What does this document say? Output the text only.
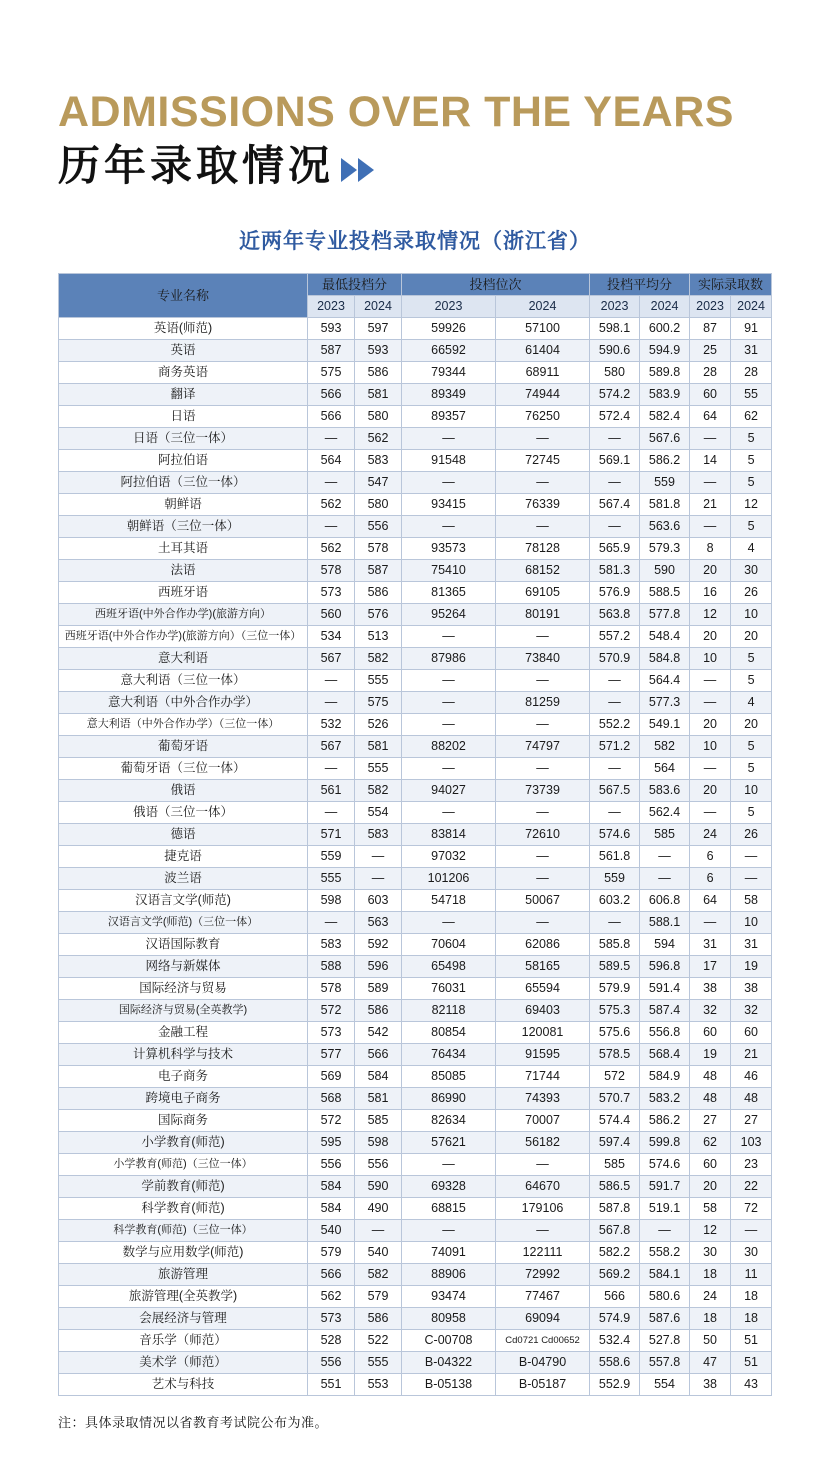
ADMISSIONS OVER THE YEARS
历年录取情况
近两年专业投档录取情况（浙江省）
专业名称	最低投档分		投档位次		投档平均分		实际录取数	
	2023	2024	2023	2024	2023	2024	2023	2024
英语(师范)	593	597	59926	57100	598.1	600.2	87	91
英语	587	593	66592	61404	590.6	594.9	25	31
商务英语	575	586	79344	68911	580	589.8	28	28
翻译	566	581	89349	74944	574.2	583.9	60	55
日语	566	580	89357	76250	572.4	582.4	64	62
日语（三位一体）	—	562	—	—	—	567.6	—	5
阿拉伯语	564	583	91548	72745	569.1	586.2	14	5
阿拉伯语（三位一体）	—	547	—	—	—	559	—	5
朝鲜语	562	580	93415	76339	567.4	581.8	21	12
朝鲜语（三位一体）	—	556	—	—	—	563.6	—	5
土耳其语	562	578	93573	78128	565.9	579.3	8	4
法语	578	587	75410	68152	581.3	590	20	30
西班牙语	573	586	81365	69105	576.9	588.5	16	26
西班牙语(中外合作办学)(旅游方向）	560	576	95264	80191	563.8	577.8	12	10
西班牙语(中外合作办学)(旅游方向）（三位一体）	534	513	—	—	557.2	548.4	20	20
意大利语	567	582	87986	73840	570.9	584.8	10	5
意大利语（三位一体）	—	555	—	—	—	564.4	—	5
意大利语（中外合作办学）	—	575	—	81259	—	577.3	—	4
意大利语（中外合作办学）（三位一体）	532	526	—	—	552.2	549.1	20	20
葡萄牙语	567	581	88202	74797	571.2	582	10	5
葡萄牙语（三位一体）	—	555	—	—	—	564	—	5
俄语	561	582	94027	73739	567.5	583.6	20	10
俄语（三位一体）	—	554	—	—	—	562.4	—	5
德语	571	583	83814	72610	574.6	585	24	26
捷克语	559	—	97032	—	561.8	—	6	—
波兰语	555	—	101206	—	559	—	6	—
汉语言文学(师范)	598	603	54718	50067	603.2	606.8	64	58
汉语言文学(师范)（三位一体）	—	563	—	—	—	588.1	—	10
汉语国际教育	583	592	70604	62086	585.8	594	31	31
网络与新媒体	588	596	65498	58165	589.5	596.8	17	19
国际经济与贸易	578	589	76031	65594	579.9	591.4	38	38
国际经济与贸易(全英教学)	572	586	82118	69403	575.3	587.4	32	32
金融工程	573	542	80854	120081	575.6	556.8	60	60
计算机科学与技术	577	566	76434	91595	578.5	568.4	19	21
电子商务	569	584	85085	71744	572	584.9	48	46
跨境电子商务	568	581	86990	74393	570.7	583.2	48	48
国际商务	572	585	82634	70007	574.4	586.2	27	27
小学教育(师范)	595	598	57621	56182	597.4	599.8	62	103
小学教育(师范)（三位一体）	556	556	—	—	585	574.6	60	23
学前教育(师范)	584	590	69328	64670	586.5	591.7	20	22
科学教育(师范)	584	490	68815	179106	587.8	519.1	58	72
科学教育(师范)（三位一体）	540	—	—	—	567.8	—	12	—
数学与应用数学(师范)	579	540	74091	122111	582.2	558.2	30	30
旅游管理	566	582	88906	72992	569.2	584.1	18	11
旅游管理(全英教学)	562	579	93474	77467	566	580.6	24	18
会展经济与管理	573	586	80958	69094	574.9	587.6	18	18
音乐学（师范）	528	522	C-00708	Cd0721 Cd00652	532.4	527.8	50	51
美术学（师范）	556	555	B-04322	B-04790	558.6	557.8	47	51
艺术与科技	551	553	B-05138	B-05187	552.9	554	38	43
注：具体录取情况以省教育考试院公布为准。
